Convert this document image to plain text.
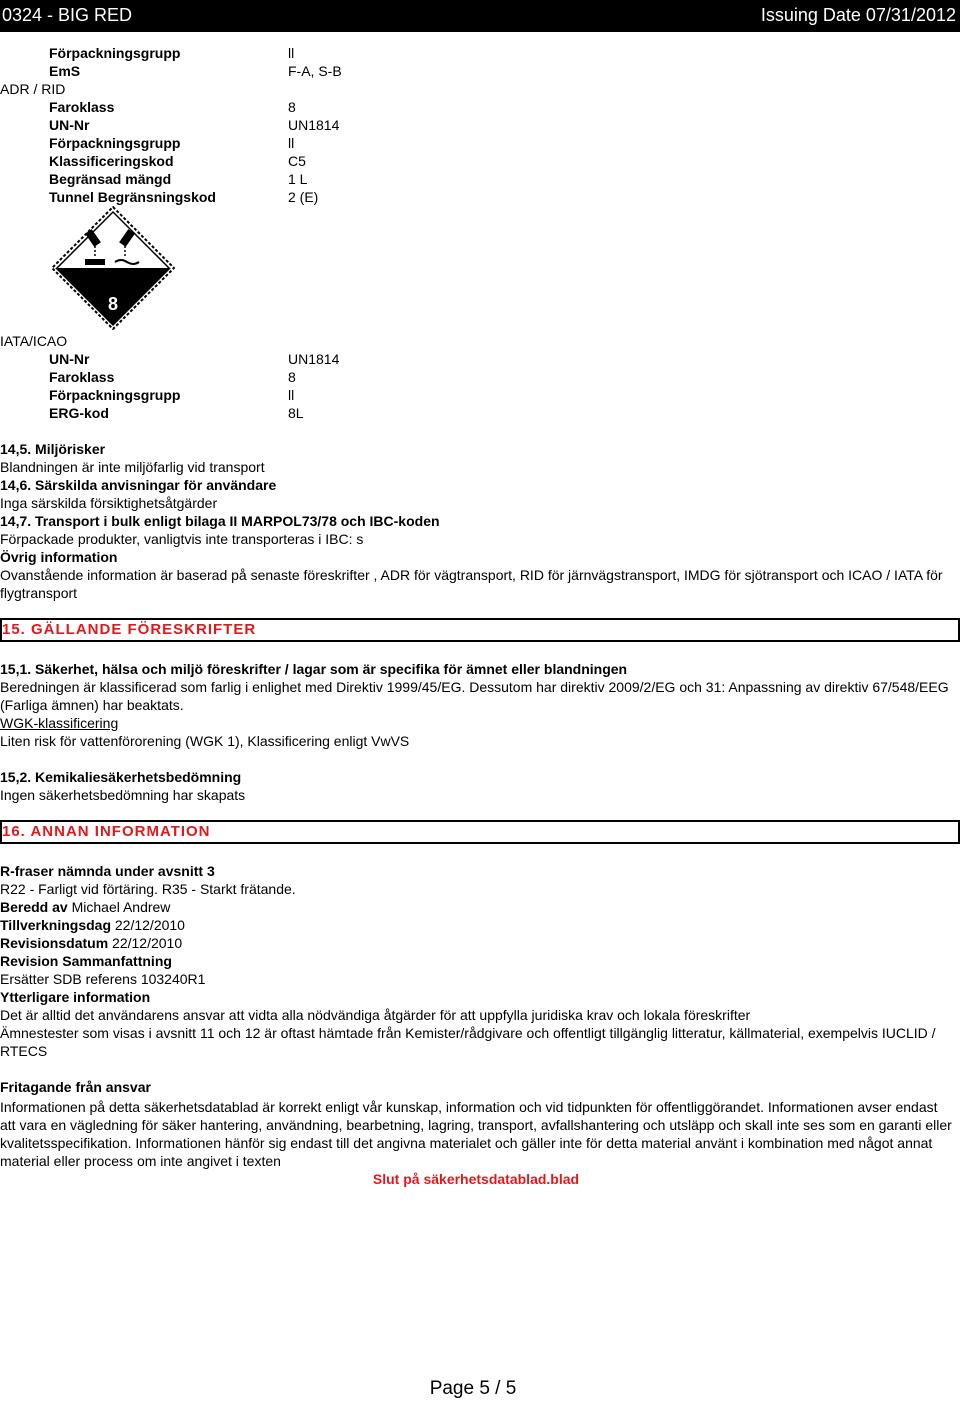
0324 - BIG RED	Issuing Date 07/31/2012
Förpackningsgrupp	ll
EmS	F-A, S-B
ADR / RID
Faroklass	8
UN-Nr	UN1814
Förpackningsgrupp	ll
Klassificeringskod	C5
Begränsad mängd	1 L
Tunnel Begränsningskod	2 (E)
8
IATA/ICAO
UN-Nr	UN1814
Faroklass	8
Förpackningsgrupp	ll
ERG-kod	8L
14,5. Miljörisker
Blandningen är inte miljöfarlig vid transport
14,6. Särskilda anvisningar för användare
Inga särskilda försiktighetsåtgärder
14,7. Transport i bulk enligt bilaga II MARPOL73/78 och IBC-koden
Förpackade produkter, vanligtvis inte transporteras i IBC: s
Övrig information
Ovanstående information är baserad på senaste föreskrifter , ADR för vägtransport, RID för järnvägstransport, IMDG för sjötransport och ICAO / IATA för flygtransport
15. GÄLLANDE FÖRESKRIFTER
15,1. Säkerhet, hälsa och miljö föreskrifter / lagar som är specifika för ämnet eller blandningen
Beredningen är klassificerad som farlig i enlighet med Direktiv 1999/45/EG. Dessutom har direktiv 2009/2/EG och 31: Anpassning av direktiv 67/548/EEG (Farliga ämnen) har beaktats.
WGK-klassificering
Liten risk för vattenförorening (WGK 1), Klassificering enligt VwVS
15,2. Kemikaliesäkerhetsbedömning
Ingen säkerhetsbedömning har skapats
16. ANNAN INFORMATION
R-fraser nämnda under avsnitt 3
R22 - Farligt vid förtäring. R35 - Starkt frätande.
Beredd av Michael Andrew
Tillverkningsdag 22/12/2010
Revisionsdatum 22/12/2010
Revision Sammanfattning
Ersätter SDB referens 103240R1
Ytterligare information
Det är alltid det användarens ansvar att vidta alla nödvändiga åtgärder för att uppfylla juridiska krav och lokala föreskrifter
Ämnestester som visas i avsnitt 11 och 12 är oftast hämtade från Kemister/rådgivare och offentligt tillgänglig litteratur, källmaterial, exempelvis IUCLID / RTECS
Fritagande från ansvar
Informationen på detta säkerhetsdatablad är korrekt enligt vår kunskap, information och vid tidpunkten för offentliggörandet. Informationen avser endast att vara en vägledning för säker hantering, användning, bearbetning, lagring, transport, avfallshantering och utsläpp och skall inte ses som en garanti eller kvalitetsspecifikation. Informationen hänför sig endast till det angivna materialet och gäller inte för detta material använt i kombination med något annat material eller process om inte angivet i texten
Slut på säkerhetsdatablad.blad
Page 5 / 5
